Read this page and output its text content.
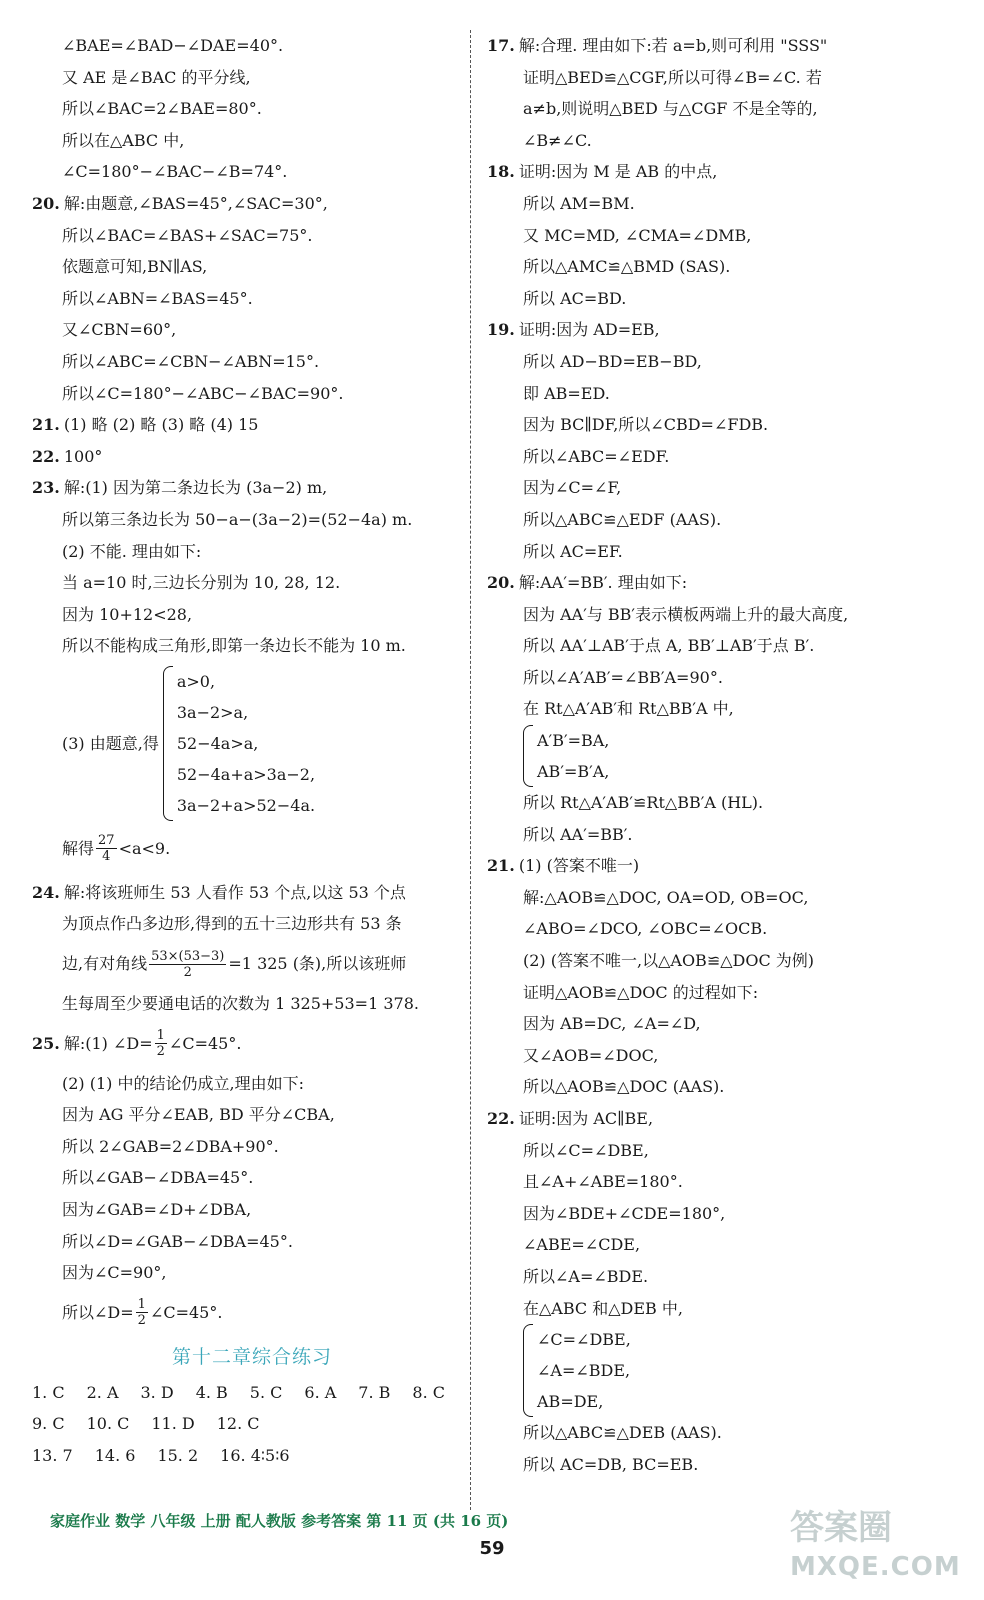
∠BAE=∠BAD−∠DAE=40°.
又 AE 是∠BAC 的平分线,
所以∠BAC=2∠BAE=80°.
所以在△ABC 中,
∠C=180°−∠BAC−∠B=74°.
20. 解:由题意,∠BAS=45°,∠SAC=30°,
所以∠BAC=∠BAS+∠SAC=75°.
依题意可知,BN∥AS,
所以∠ABN=∠BAS=45°.
又∠CBN=60°,
所以∠ABC=∠CBN−∠ABN=15°.
所以∠C=180°−∠ABC−∠BAC=90°.
21. (1) 略 (2) 略 (3) 略 (4) 15
22. 100°
23. 解:(1) 因为第二条边长为 (3a−2) m,
所以第三条边长为 50−a−(3a−2)=(52−4a) m.
(2) 不能. 理由如下:
当 a=10 时,三边长分别为 10, 28, 12.
因为 10+12<28,
所以不能构成三角形,即第一条边长不能为 10 m.
(3) 由题意,得
a>0,
3a−2>a,
52−4a>a,
52−4a+a>3a−2,
3a−2+a>52−4a.
解得 $\frac{27}{4} <a<9$.
24. 解:将该班师生 53 人看作 53 个点,以这 53 个点
为顶点作凸多边形,得到的五十三边形共有 53 条
边,有对角线 $\frac{53\times(53-3)}{2} =1$ 325 (条),所以该班师
生每周至少要通电话的次数为 1 325+53=1 378.
25. 解:(1) ∠D= $\frac{1}{2}$ ∠C=45°.
(2) (1) 中的结论仍成立,理由如下:
因为 AG 平分∠EAB, BD 平分∠CBA,
所以 2∠GAB=2∠DBA+90°.
所以∠GAB−∠DBA=45°.
因为∠GAB=∠D+∠DBA,
所以∠D=∠GAB−∠DBA=45°.
因为∠C=90°,
所以∠D= $\frac{1}{2}$ ∠C=45°.
第十二章综合练习
1. C 2. A 3. D 4. B 5. C 6. A 7. B 8. C
9. C 10. C 11. D 12. C
13. 7 14. 6 15. 2 16. 4∶5∶6
17. 解:合理. 理由如下:若 a=b,则可利用 "SSS"
证明△BED≌△CGF,所以可得∠B=∠C. 若
a≠b,则说明△BED 与△CGF 不是全等的,
∠B≠∠C.
18. 证明:因为 M 是 AB 的中点,
所以 AM=BM.
又 MC=MD, ∠CMA=∠DMB,
所以△AMC≌△BMD (SAS).
所以 AC=BD.
19. 证明:因为 AD=EB,
所以 AD−BD=EB−BD,
即 AB=ED.
因为 BC∥DF,所以∠CBD=∠FDB.
所以∠ABC=∠EDF.
因为∠C=∠F,
所以△ABC≌△EDF (AAS).
所以 AC=EF.
20. 解:AA′=BB′. 理由如下:
因为 AA′与 BB′表示横板两端上升的最大高度,
所以 AA′⊥AB′于点 A, BB′⊥AB′于点 B′.
所以∠A′AB′=∠BB′A=90°.
在 Rt△A′AB′和 Rt△BB′A 中,
A′B′=BA,
AB′=B′A,
所以 Rt△A′AB′≌Rt△BB′A (HL).
所以 AA′=BB′.
21. (1) (答案不唯一)
解:△AOB≌△DOC, OA=OD, OB=OC,
∠ABO=∠DCO, ∠OBC=∠OCB.
(2) (答案不唯一,以△AOB≌△DOC 为例)
证明△AOB≌△DOC 的过程如下:
因为 AB=DC, ∠A=∠D,
又∠AOB=∠DOC,
所以△AOB≌△DOC (AAS).
22. 证明:因为 AC∥BE,
所以∠C=∠DBE,
且∠A+∠ABE=180°.
因为∠BDE+∠CDE=180°,
∠ABE=∠CDE,
所以∠A=∠BDE.
在△ABC 和△DEB 中,
∠C=∠DBE,
∠A=∠BDE,
AB=DE,
所以△ABC≌△DEB (AAS).
所以 AC=DB, BC=EB.
家庭作业 数学 八年级 上册 配人教版 参考答案 第 11 页 (共 16 页)
59
答案圈
MXQE.COM
